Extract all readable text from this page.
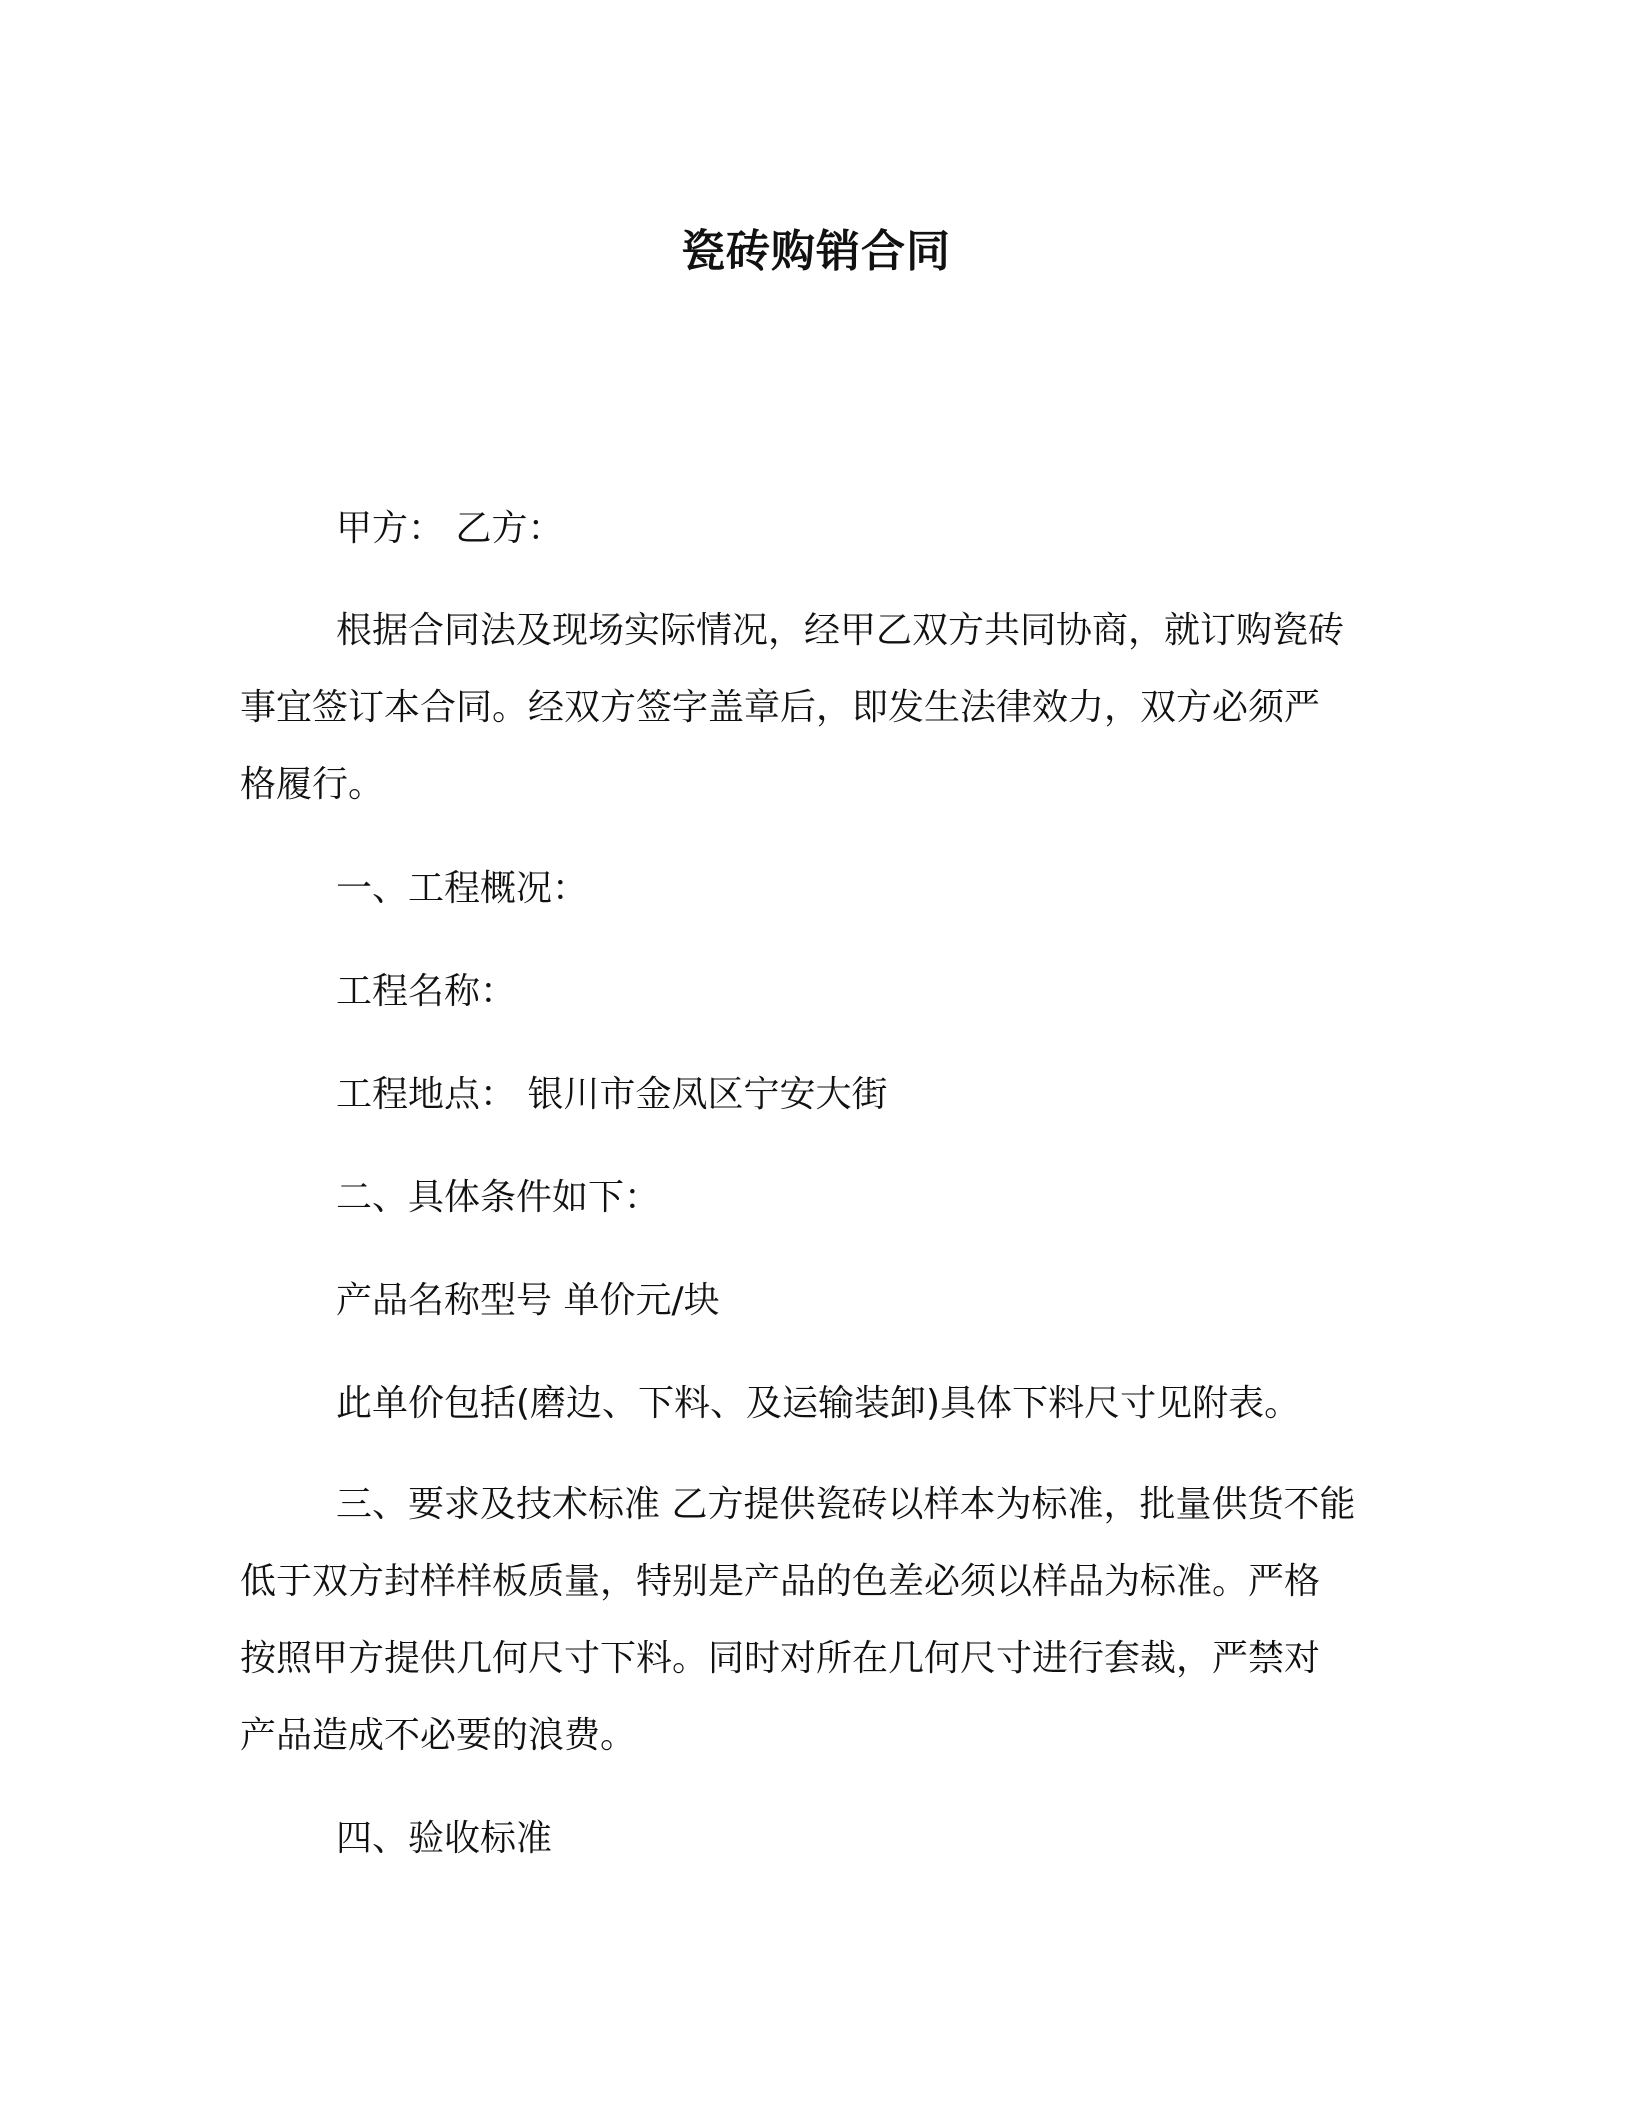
瓷砖购销合同

甲方： 乙方：

根据合同法及现场实际情况，经甲乙双方共同协商，就订购瓷砖
事宜签订本合同。经双方签字盖章后，即发生法律效力，双方必须严
格履行。

一、工程概况：

工程名称：

工程地点： 银川市金凤区宁安大街

二、具体条件如下：

产品名称型号 单价元/块

此单价包括(磨边、下料、及运输装卸)具体下料尺寸见附表。

三、要求及技术标准 乙方提供瓷砖以样本为标准，批量供货不能
低于双方封样样板质量，特别是产品的色差必须以样品为标准。严格
按照甲方提供几何尺寸下料。同时对所在几何尺寸进行套裁，严禁对
产品造成不必要的浪费。

四、验收标准
